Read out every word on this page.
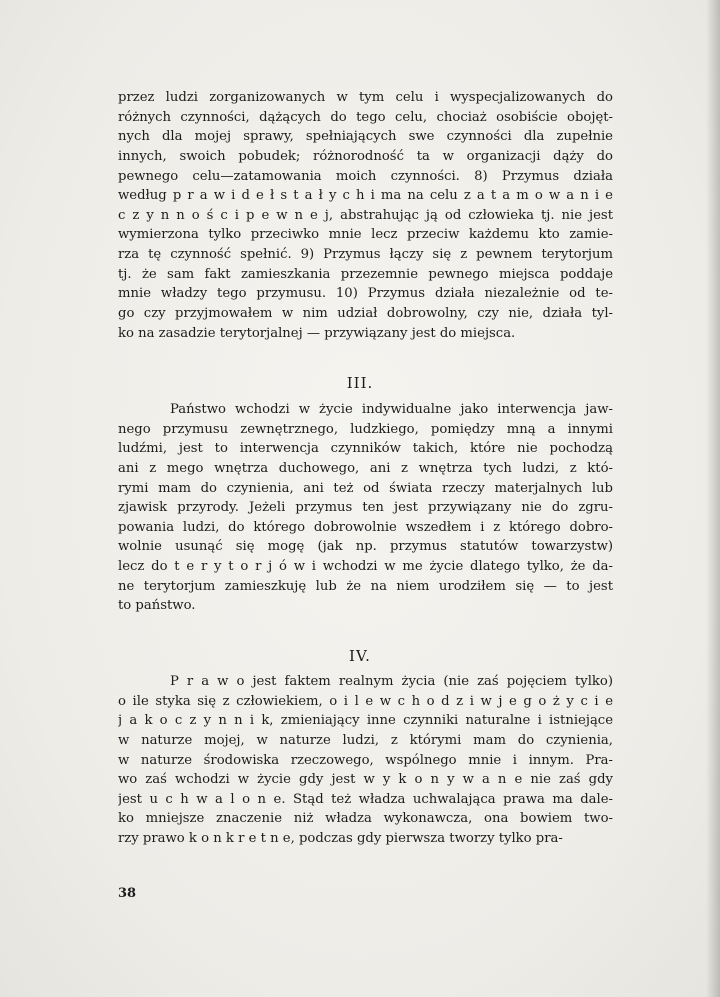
przez ludzi zorganizowanych w tym celu i wyspecjalizowanych do
różnych czynności, dążących do tego celu, chociaż osobiście obojęt-
nych dla mojej sprawy, spełniających swe czynności dla zupełnie
innych, swoich pobudek; różnorodność ta w organizacji dąży do
pewnego celu—zatamowania moich czynności. 8) Przymus działa
według p r a w i d e ł s t a ł y c h i ma na celu z a t a m o w a n i e
c z y n n o ś c i p e w n e j, abstrahując ją od człowieka tj. nie jest
wymierzona tylko przeciwko mnie lecz przeciw każdemu kto zamie-
rza tę czynność spełnić. 9) Przymus łączy się z pewnem terytorjum
tj. że sam fakt zamieszkania przezemnie pewnego miejsca poddaje
mnie władzy tego przymusu. 10) Przymus działa niezależnie od te-
go czy przyjmowałem w nim udział dobrowolny, czy nie, działa tyl-
ko na zasadzie terytorjalnej — przywiązany jest do miejsca.
III.
Państwo wchodzi w życie indywidualne jako interwencja jaw-
nego przymusu zewnętrznego, ludzkiego, pomiędzy mną a innymi
ludźmi, jest to interwencja czynników takich, które nie pochodzą
ani z mego wnętrza duchowego, ani z wnętrza tych ludzi, z któ-
rymi mam do czynienia, ani też od świata rzeczy materjalnych lub
zjawisk przyrody. Jeżeli przymus ten jest przywiązany nie do zgru-
powania ludzi, do którego dobrowolnie wszedłem i z którego dobro-
wolnie usunąć się mogę (jak np. przymus statutów towarzystw)
lecz do t e r y t o r j ó w i wchodzi w me życie dlatego tylko, że da-
ne terytorjum zamieszkuję lub że na niem urodziłem się — to jest
to państwo.
IV.
P r a w o jest faktem realnym życia (nie zaś pojęciem tylko)
o ile styka się z człowiekiem, o i l e w c h o d z i w j e g o ż y c i e
j a k o c z y n n i k, zmieniający inne czynniki naturalne i istniejące
w naturze mojej, w naturze ludzi, z którymi mam do czynienia,
w naturze środowiska rzeczowego, wspólnego mnie i innym. Pra-
wo zaś wchodzi w życie gdy jest w y k o n y w a n e nie zaś gdy
jest u c h w a l o n e. Stąd też władza uchwalająca prawa ma dale-
ko mniejsze znaczenie niż władza wykonawcza, ona bowiem two-
rzy prawo k o n k r e t n e, podczas gdy pierwsza tworzy tylko pra-
38
